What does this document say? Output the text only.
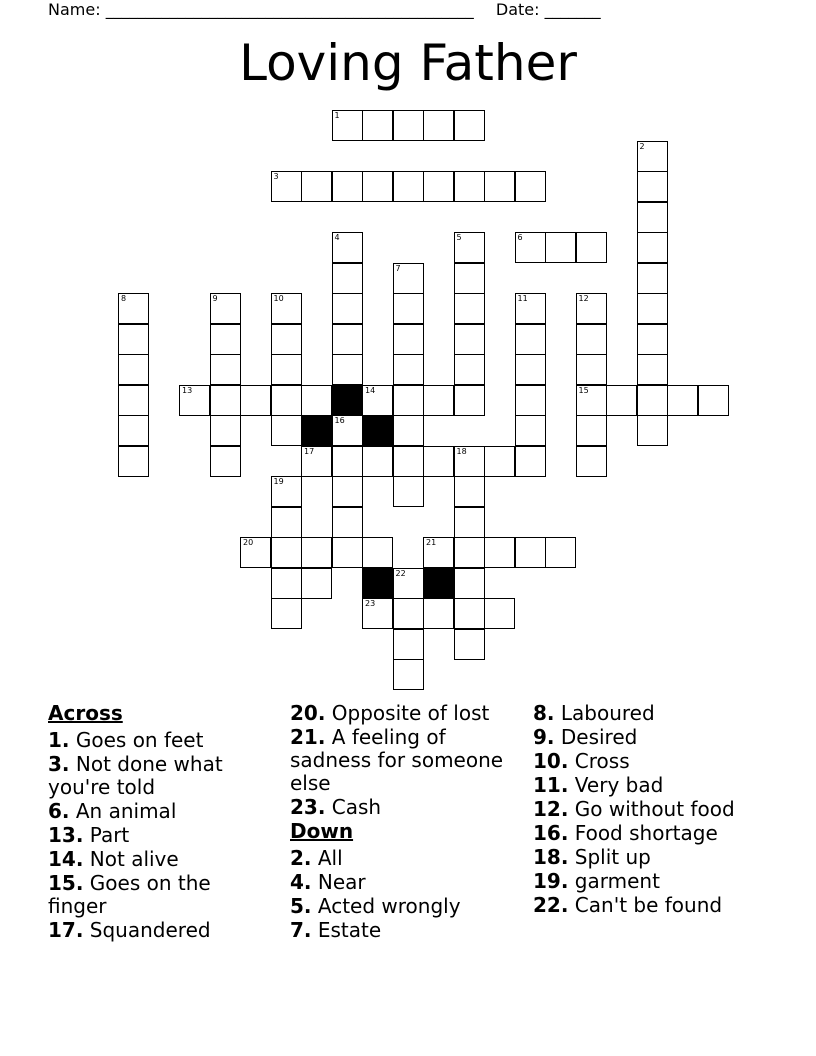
Name: ______________________________________________ Date: _______
Loving Father
1
2
3
4
16
5	6
7
8	9	10	11	12
15
13	14
17	18
19
20	21
22
23
Across
1. Goes on feet
3. Not done what you're told
6. An animal
13. Part
14. Not alive
15. Goes on the finger
17. Squandered
20. Opposite of lost
21. A feeling of sadness for someone else
23. Cash
Down
2. All
4. Near
5. Acted wrongly
7. Estate
8. Laboured
9. Desired
10. Cross
11. Very bad
12. Go without food
16. Food shortage
18. Split up
19. garment
22. Can't be found
